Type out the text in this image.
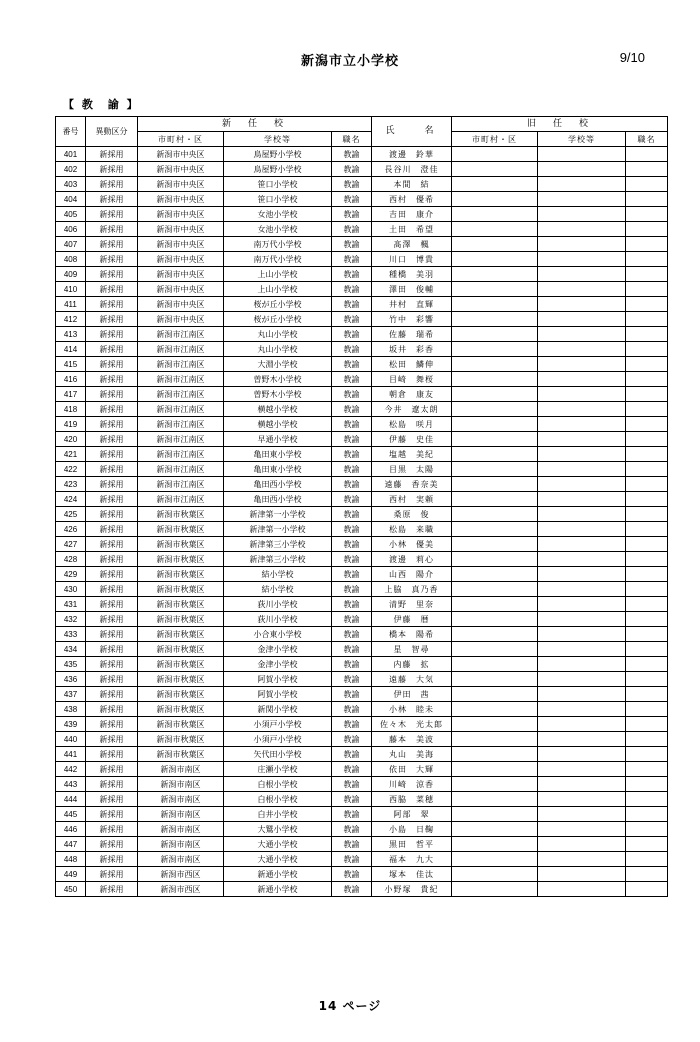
新潟市立小学校	9/10
【 教　諭 】
番号	異動区分	新　任　校			氏　　名	旧　任　校		
		市町村・区	学校等	職名		市町村・区	学校等	職名
401	新採用	新潟市中央区	鳥屋野小学校	教諭	渡邊　鈴華			
402	新採用	新潟市中央区	鳥屋野小学校	教諭	長谷川　澄佳			
403	新採用	新潟市中央区	笹口小学校	教諭	本間　結			
404	新採用	新潟市中央区	笹口小学校	教諭	西村　優希			
405	新採用	新潟市中央区	女池小学校	教諭	吉田　康介			
406	新採用	新潟市中央区	女池小学校	教諭	土田　希望			
407	新採用	新潟市中央区	南万代小学校	教諭	髙澤　楓			
408	新採用	新潟市中央区	南万代小学校	教諭	川口　博貴			
409	新採用	新潟市中央区	上山小学校	教諭	種橋　美羽			
410	新採用	新潟市中央区	上山小学校	教諭	澤田　俊輔			
411	新採用	新潟市中央区	桜が丘小学校	教諭	井村　直輝			
412	新採用	新潟市中央区	桜が丘小学校	教諭	竹中　彩響			
413	新採用	新潟市江南区	丸山小学校	教諭	佐藤　瑞希			
414	新採用	新潟市江南区	丸山小学校	教諭	坂井　彩香			
415	新採用	新潟市江南区	大淵小学校	教諭	松田　鱗伸			
416	新採用	新潟市江南区	曽野木小学校	教諭	目崎　舞桜			
417	新採用	新潟市江南区	曽野木小学校	教諭	朝倉　康友			
418	新採用	新潟市江南区	横越小学校	教諭	今井　遼太朗			
419	新採用	新潟市江南区	横越小学校	教諭	松島　咲月			
420	新採用	新潟市江南区	早通小学校	教諭	伊藤　史佳			
421	新採用	新潟市江南区	亀田東小学校	教諭	塩越　美紀			
422	新採用	新潟市江南区	亀田東小学校	教諭	目黒　太陽			
423	新採用	新潟市江南区	亀田西小学校	教諭	遠藤　香奈美			
424	新採用	新潟市江南区	亀田西小学校	教諭	西村　実頼			
425	新採用	新潟市秋葉区	新津第一小学校	教諭	桑原　俊			
426	新採用	新潟市秋葉区	新津第一小学校	教諭	松島　来職			
427	新採用	新潟市秋葉区	新津第三小学校	教諭	小林　優美			
428	新採用	新潟市秋葉区	新津第三小学校	教諭	渡邊　莉心			
429	新採用	新潟市秋葉区	結小学校	教諭	山西　陽介			
430	新採用	新潟市秋葉区	結小学校	教諭	上脇　真乃香			
431	新採用	新潟市秋葉区	荻川小学校	教諭	清野　里奈			
432	新採用	新潟市秋葉区	荻川小学校	教諭	伊藤　暦			
433	新採用	新潟市秋葉区	小合東小学校	教諭	橋本　陽希			
434	新採用	新潟市秋葉区	金津小学校	教諭	星　智尋			
435	新採用	新潟市秋葉区	金津小学校	教諭	内藤　拡			
436	新採用	新潟市秋葉区	阿賀小学校	教諭	遠藤　大気			
437	新採用	新潟市秋葉区	阿賀小学校	教諭	伊田　茜			
438	新採用	新潟市秋葉区	新関小学校	教諭	小林　睦未			
439	新採用	新潟市秋葉区	小須戸小学校	教諭	佐々木　光太郎			
440	新採用	新潟市秋葉区	小須戸小学校	教諭	藤本　美波			
441	新採用	新潟市秋葉区	矢代田小学校	教諭	丸山　美海			
442	新採用	新潟市南区	庄瀬小学校	教諭	依田　大輝			
443	新採用	新潟市南区	白根小学校	教諭	川崎　涼香			
444	新採用	新潟市南区	白根小学校	教諭	西脇　菜穂			
445	新採用	新潟市南区	白井小学校	教諭	阿部　翠			
446	新採用	新潟市南区	大鷲小学校	教諭	小島　日鞠			
447	新採用	新潟市南区	大通小学校	教諭	黒田　哲平			
448	新採用	新潟市南区	大通小学校	教諭	福本　九大			
449	新採用	新潟市西区	新通小学校	教諭	塚本　佳汰			
450	新採用	新潟市西区	新通小学校	教諭	小野塚　貴紀			
14 ページ
